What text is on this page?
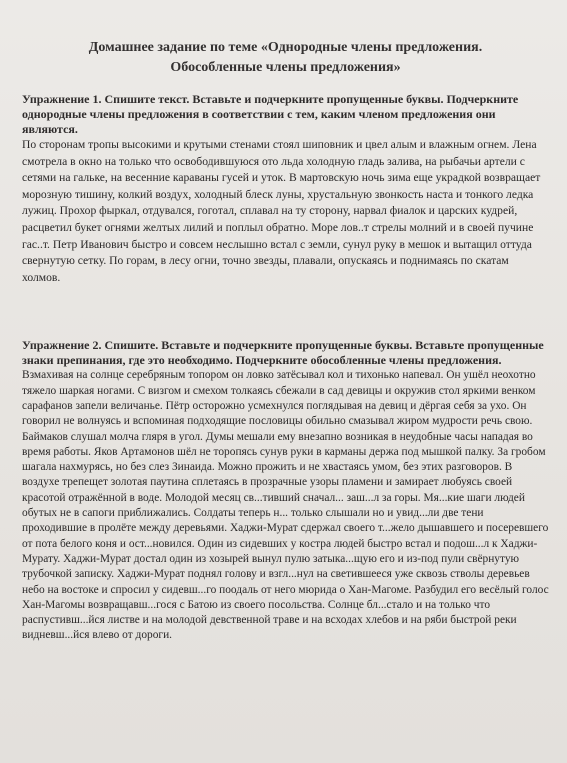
Домашнее задание по теме «Однородные члены предложения.
Обособленные члены предложения»

Упражнение 1. Спишите текст. Вставьте и подчеркните пропущенные буквы. Подчеркните однородные члены предложения в соответствии с тем, каким членом предложения они являются.

По сторонам тропы высокими и крутыми стенами стоял шиповник и цвел алым и влажным огнем. Лена смотрела в окно на только что освободившуюся ото льда холодную гладь залива, на рыбачьи артели с сетями на гальке, на весенние караваны гусей и уток. В мартовскую ночь зима еще украдкой возвращает морозную тишину, колкий воздух, холодный блеск луны, хрустальную звонкость наста и тонкого ледка лужиц. Прохор фыркал, отдувался, гоготал, сплавал на ту сторону, нарвал фиалок и царских кудрей, расцветил букет огнями желтых лилий и поплыл обратно. Море лов..т стрелы молний и в своей пучине гас..т. Петр Иванович быстро и совсем неслышно встал с земли, сунул руку в мешок и вытащил оттуда свернутую сетку. По горам, в лесу огни, точно звезды, плавали, опускаясь и поднимаясь по скатам холмов.

Упражнение 2. Спишите. Вставьте и подчеркните пропущенные буквы. Вставьте пропущенные знаки препинания, где это необходимо. Подчеркните обособленные члены предложения.

Взмахивая на солнце серебряным топором он ловко затёсывал кол и тихонько напевал. Он ушёл неохотно тяжело шаркая ногами. С визгом и смехом толкаясь сбежали в сад девицы и окружив стол яркими венком сарафанов запели величанье. Пётр осторожно усмехнулся поглядывая на девиц и дёргая себя за ухо. Он говорил не волнуясь и вспоминая подходящие пословицы обильно смазывал жиром мудрости речь свою. Баймаков слушал молча гляря в угол. Думы мешали ему внезапно возникая в неудобные часы нападая во время работы. Яков Артамонов шёл не торопясь сунув руки в карманы держа под мышкой палку. За гробом шагала нахмурясь, но без слез Зинаида. Можно прожить и не хвастаясь умом, без этих разговоров. В воздухе трепещет золотая паутина сплетаясь в прозрачные узоры пламени и замирает любуясь своей красотой отражённой в воде. Молодой месяц св...тивший сначал... заш...л за горы. Мя...кие шаги людей обутых не в сапоги приближались. Солдаты теперь н... только слышали но и увид...ли две тени проходившие в пролёте между деревьями. Хаджи-Мурат сдержал своего т...жело дышавшего и посеревшего от пота белого коня и ост...новился. Один из сидевших у костра людей быстро встал и подош...л к Хаджи-Мурату. Хаджи-Мурат достал один из хозырей вынул пулю затыка...щую его и из-под пули свёрнутую трубочкой записку. Хаджи-Мурат поднял голову и взгл...нул на светившееся уже сквозь стволы деревьев небо на востоке и спросил у сидевш...го поодаль от него мюрида о Хан-Магоме. Разбудил его весёлый голос Хан-Магомы возвращавш...гося с Батою из своего посольства. Солнце бл...стало и на только что распустивш...йся листве и на молодой девственной траве и на всходах хлебов и на ряби быстрой реки видневш...йся влево от дороги.
